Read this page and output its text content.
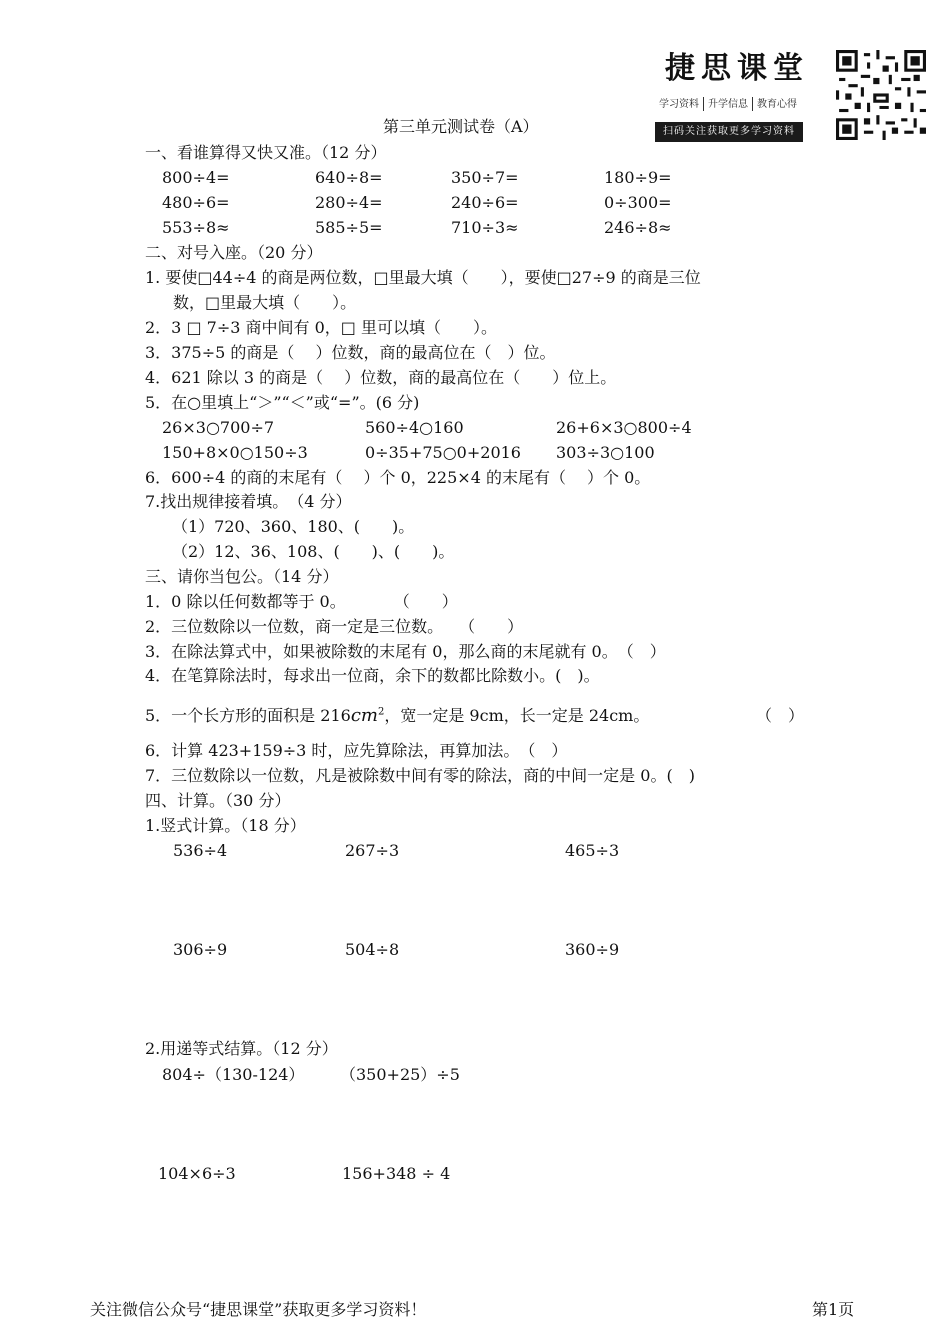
捷思课堂
学习资料 升学信息 教育心得
扫码关注获取更多学习资料
第三单元测试卷（A）
一、看谁算得又快又准。（12 分）
800÷4=	640÷8=	350÷7=	180÷9=
480÷6=	280÷4=	240÷6=	0÷300=
553÷8≈	585÷5=	710÷3≈	246÷8≈
二、对号入座。（20 分）
1. 要使□44÷4 的商是两位数，□里最大填（　　），要使□27÷9 的商是三位
数，□里最大填（　　）。
2．3 □ 7÷3 商中间有 0，□ 里可以填（　　）。
3．375÷5 的商是（　 ）位数，商的最高位在（　）位。
4．621 除以 3 的商是（　 ）位数，商的最高位在（　　）位上。
5．在○里填上“＞”“＜”或“=”。(6 分)
26×3○700÷7	560÷4○160	26+6×3○800÷4
150+8×0○150÷3	0÷35+75○0+2016 303÷3○100
6．600÷4 的商的末尾有（　 ）个 0，225×4 的末尾有（　 ）个 0。
7.找出规律接着填。　（4 分）
（1）720、360、180、(　　)。
（2）12、36、108、(　　)、(　　)。
三、请你当包公。（14 分）
1．0 除以任何数都等于 0。　　　　（　　）
2．三位数除以一位数，商一定是三位数。　　（　　）
3．在除法算式中，如果被除数的末尾有 0，那么商的末尾就有 0。　（　）
4．在笔算除法时，每求出一位商，余下的数都比除数小。(　)。
5．一个长方形的面积是 $216cm^2$，宽一定是 9cm，长一定是 24cm。	（　）
6．计算 423+159÷3 时，应先算除法，再算加法。　（　）
7．三位数除以一位数，凡是被除数中间有零的除法，商的中间一定是 0。(　)
四、计算。（30 分）
1.竖式计算。（18 分）
536÷4	267÷3	465÷3
306÷9	504÷8	360÷9
2.用递等式结算。（12 分）
804÷（130-124） （350+25）÷5
104×6÷3	156+348 ÷ 4
关注微信公众号“捷思课堂”获取更多学习资料！	第1页
